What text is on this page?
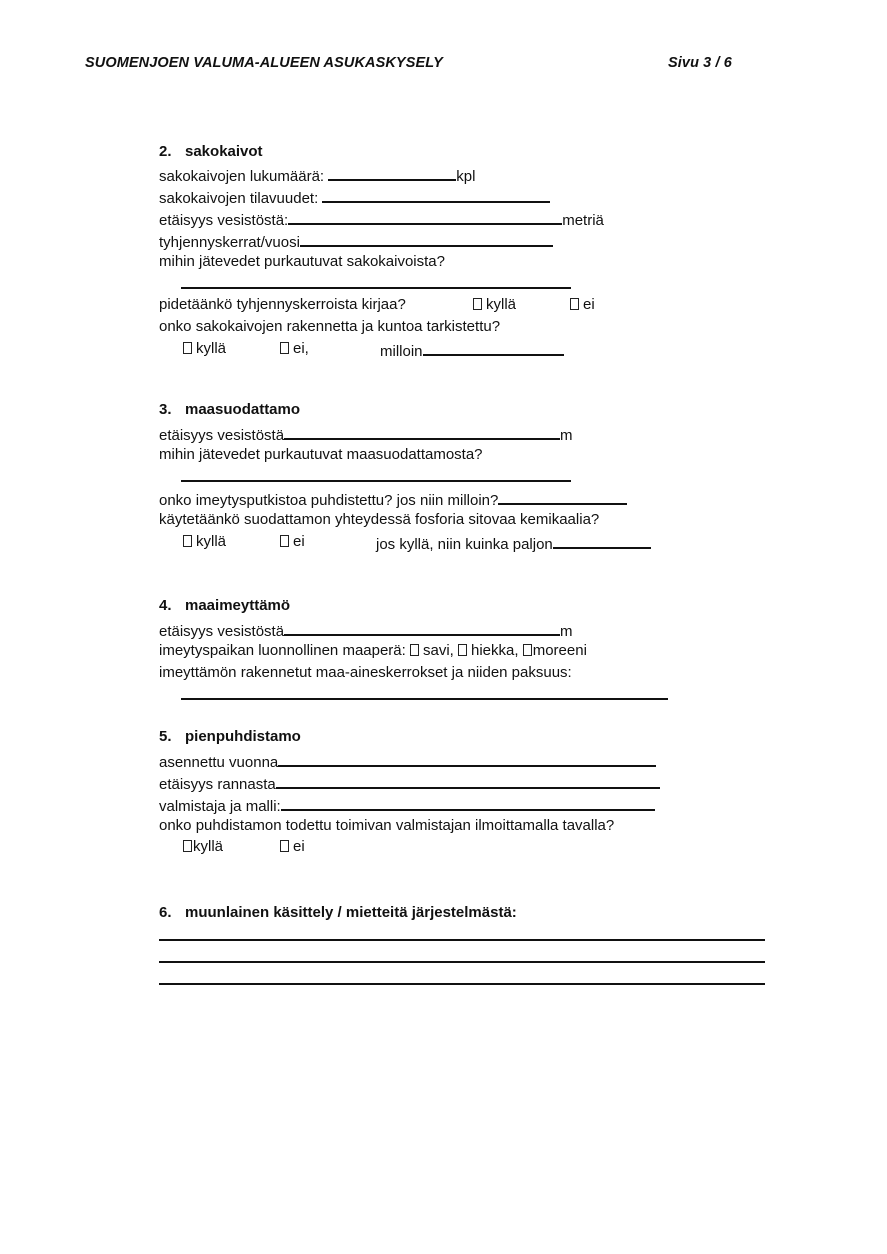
SUOMENJOEN VALUMA-ALUEEN ASUKASKYSELY	Sivu 3 / 6
2. sakokaivot
sakokaivojen lukumäärä:	kpl
sakokaivojen tilavuudet:
etäisyys vesistöstä:	metriä
tyhjennyskerrat/vuosi
mihin jätevedet purkautuvat sakokaivoista?
pidetäänkö tyhjennyskerroista kirjaa?	kyllä	ei
onko sakokaivojen rakennetta ja kuntoa tarkistettu?
kyllä	ei,	milloin
3. maasuodattamo
etäisyys vesistöstä	m
mihin jätevedet purkautuvat maasuodattamosta?
onko imeytysputkistoa puhdistettu? jos niin milloin?
käytetäänkö suodattamon yhteydessä fosforia sitovaa kemikaalia?
kyllä	ei	jos kyllä, niin kuinka paljon
4. maaimeyttämö
etäisyys vesistöstä	m
imeytyspaikan luonnollinen maaperä: savi, hiekka, moreeni
imeyttämön rakennetut maa-aineskerrokset ja niiden paksuus:
5. pienpuhdistamo
asennettu vuonna
etäisyys rannasta
valmistaja ja malli:
onko puhdistamon todettu toimivan valmistajan ilmoittamalla tavalla?
kyllä	ei
6. muunlainen käsittely / mietteitä järjestelmästä:
